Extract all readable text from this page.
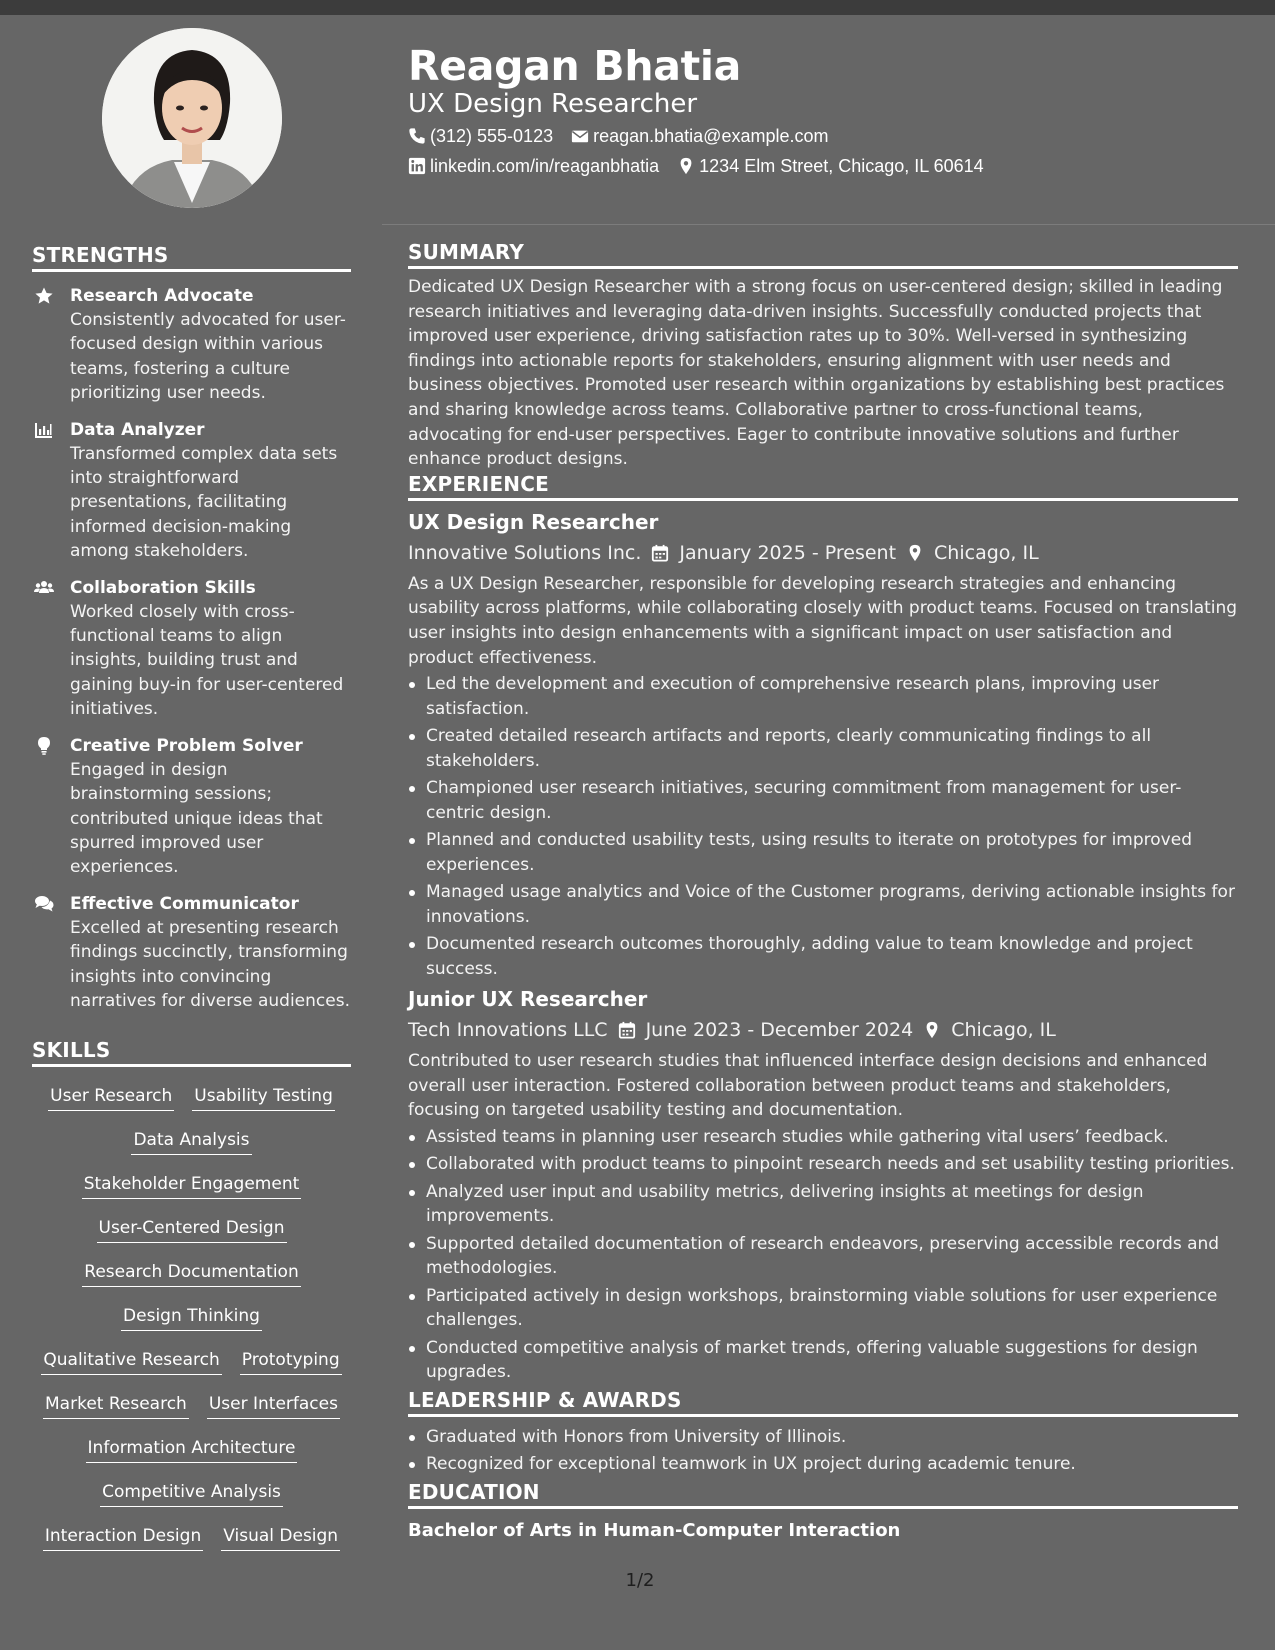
STRENGTHS
Research Advocate
Consistently advocated for user-focused design within various teams, fostering a culture prioritizing user needs.
Data Analyzer
Transformed complex data sets into straightforward presentations, facilitating informed decision-making among stakeholders.
Collaboration Skills
Worked closely with cross-functional teams to align insights, building trust and gaining buy-in for user-centered initiatives.
Creative Problem Solver
Engaged in design brainstorming sessions; contributed unique ideas that spurred improved user experiences.
Effective Communicator
Excelled at presenting research findings succinctly, transforming insights into convincing narratives for diverse audiences.
SKILLS
User Research Usability Testing
Data Analysis
Stakeholder Engagement
User-Centered Design
Research Documentation
Design Thinking
Qualitative Research Prototyping
Market Research User Interfaces
Information Architecture
Competitive Analysis
Interaction Design Visual Design
Reagan Bhatia
UX Design Researcher
(312) 555-0123 reagan.bhatia@example.com
linkedin.com/in/reaganbhatia 1234 Elm Street, Chicago, IL 60614
SUMMARY
Dedicated UX Design Researcher with a strong focus on user-centered design; skilled in leading research initiatives and leveraging data-driven insights. Successfully conducted projects that improved user experience, driving satisfaction rates up to 30%. Well-versed in synthesizing findings into actionable reports for stakeholders, ensuring alignment with user needs and business objectives. Promoted user research within organizations by establishing best practices and sharing knowledge across teams. Collaborative partner to cross-functional teams, advocating for end-user perspectives. Eager to contribute innovative solutions and further enhance product designs.
EXPERIENCE
UX Design Researcher
Innovative Solutions Inc. January 2025 - Present Chicago, IL
As a UX Design Researcher, responsible for developing research strategies and enhancing usability across platforms, while collaborating closely with product teams. Focused on translating user insights into design enhancements with a significant impact on user satisfaction and product effectiveness.
Led the development and execution of comprehensive research plans, improving user satisfaction.
Created detailed research artifacts and reports, clearly communicating findings to all stakeholders.
Championed user research initiatives, securing commitment from management for user-centric design.
Planned and conducted usability tests, using results to iterate on prototypes for improved experiences.
Managed usage analytics and Voice of the Customer programs, deriving actionable insights for innovations.
Documented research outcomes thoroughly, adding value to team knowledge and project success.
Junior UX Researcher
Tech Innovations LLC June 2023 - December 2024 Chicago, IL
Contributed to user research studies that influenced interface design decisions and enhanced overall user interaction. Fostered collaboration between product teams and stakeholders, focusing on targeted usability testing and documentation.
Assisted teams in planning user research studies while gathering vital users’ feedback.
Collaborated with product teams to pinpoint research needs and set usability testing priorities.
Analyzed user input and usability metrics, delivering insights at meetings for design improvements.
Supported detailed documentation of research endeavors, preserving accessible records and methodologies.
Participated actively in design workshops, brainstorming viable solutions for user experience challenges.
Conducted competitive analysis of market trends, offering valuable suggestions for design upgrades.
LEADERSHIP & AWARDS
Graduated with Honors from University of Illinois.
Recognized for exceptional teamwork in UX project during academic tenure.
EDUCATION
Bachelor of Arts in Human-Computer Interaction
1/2
